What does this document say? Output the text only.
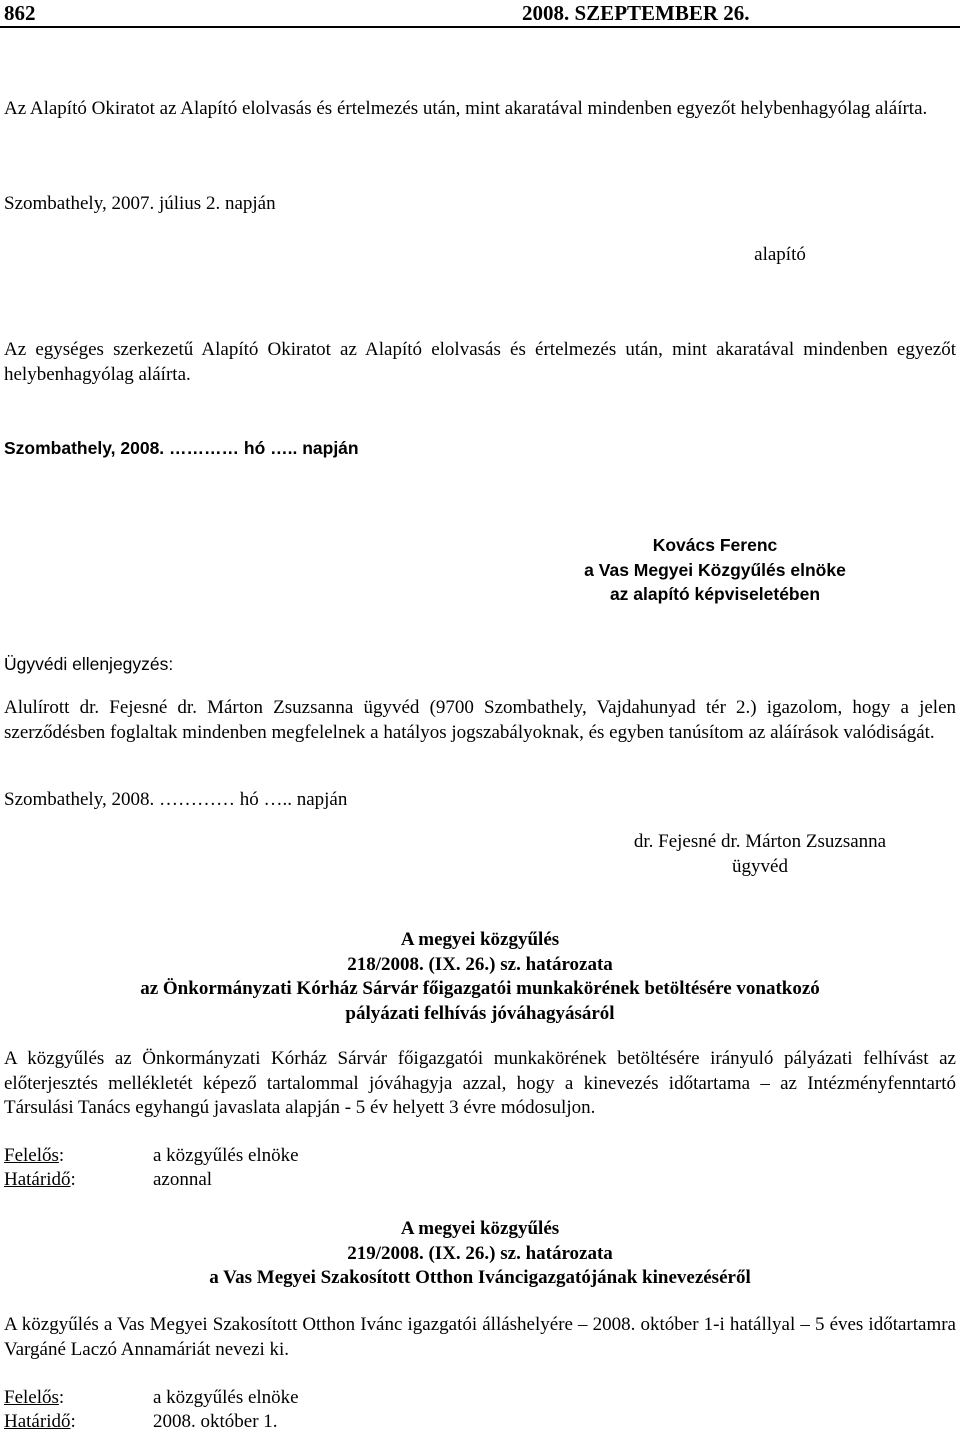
862	2008. SZEPTEMBER 26.

Az Alapító Okiratot az Alapító elolvasás és értelmezés után, mint akaratával mindenben egyezőt helybenhagyólag aláírta.

Szombathely, 2007. július 2. napján

alapító

Az egységes szerkezetű Alapító Okiratot az Alapító elolvasás és értelmezés után, mint akaratával mindenben egyezőt helybenhagyólag aláírta.

Szombathely, 2008. ………… hó ….. napján

Kovács Ferenc
a Vas Megyei Közgyűlés elnöke
az alapító képviseletében

Ügyvédi ellenjegyzés:

Alulírott dr. Fejesné dr. Márton Zsuzsanna ügyvéd (9700 Szombathely, Vajdahunyad tér 2.) igazolom, hogy a jelen szerződésben foglaltak mindenben megfelelnek a hatályos jogszabályoknak, és egyben tanúsítom az aláírások valódiságát.

Szombathely, 2008. ………… hó ….. napján

dr. Fejesné dr. Márton Zsuzsanna
ügyvéd
A megyei közgyűlés
218/2008. (IX. 26.) sz. határozata
az Önkormányzati Kórház Sárvár főigazgatói munkakörének betöltésére vonatkozó
pályázati felhívás jóváhagyásáról

A közgyűlés az Önkormányzati Kórház Sárvár főigazgatói munkakörének betöltésére irányuló pályázati felhívást az előterjesztés mellékletét képező tartalommal jóváhagyja azzal, hogy a kinevezés időtartama – az Intézményfenntartó Társulási Tanács egyhangú javaslata alapján - 5 év helyett 3 évre módosuljon.

Felelős:	a közgyűlés elnöke
Határidő:	azonnal
A megyei közgyűlés
219/2008. (IX. 26.) sz. határozata
a Vas Megyei Szakosított Otthon Iváncigazgatójának kinevezéséről

A közgyűlés a Vas Megyei Szakosított Otthon Ivánc igazgatói álláshelyére – 2008. október 1-i hatállyal – 5 éves időtartamra Vargáné Laczó Annamáriát nevezi ki.

Felelős:	a közgyűlés elnöke
Határidő:	2008. október 1.
